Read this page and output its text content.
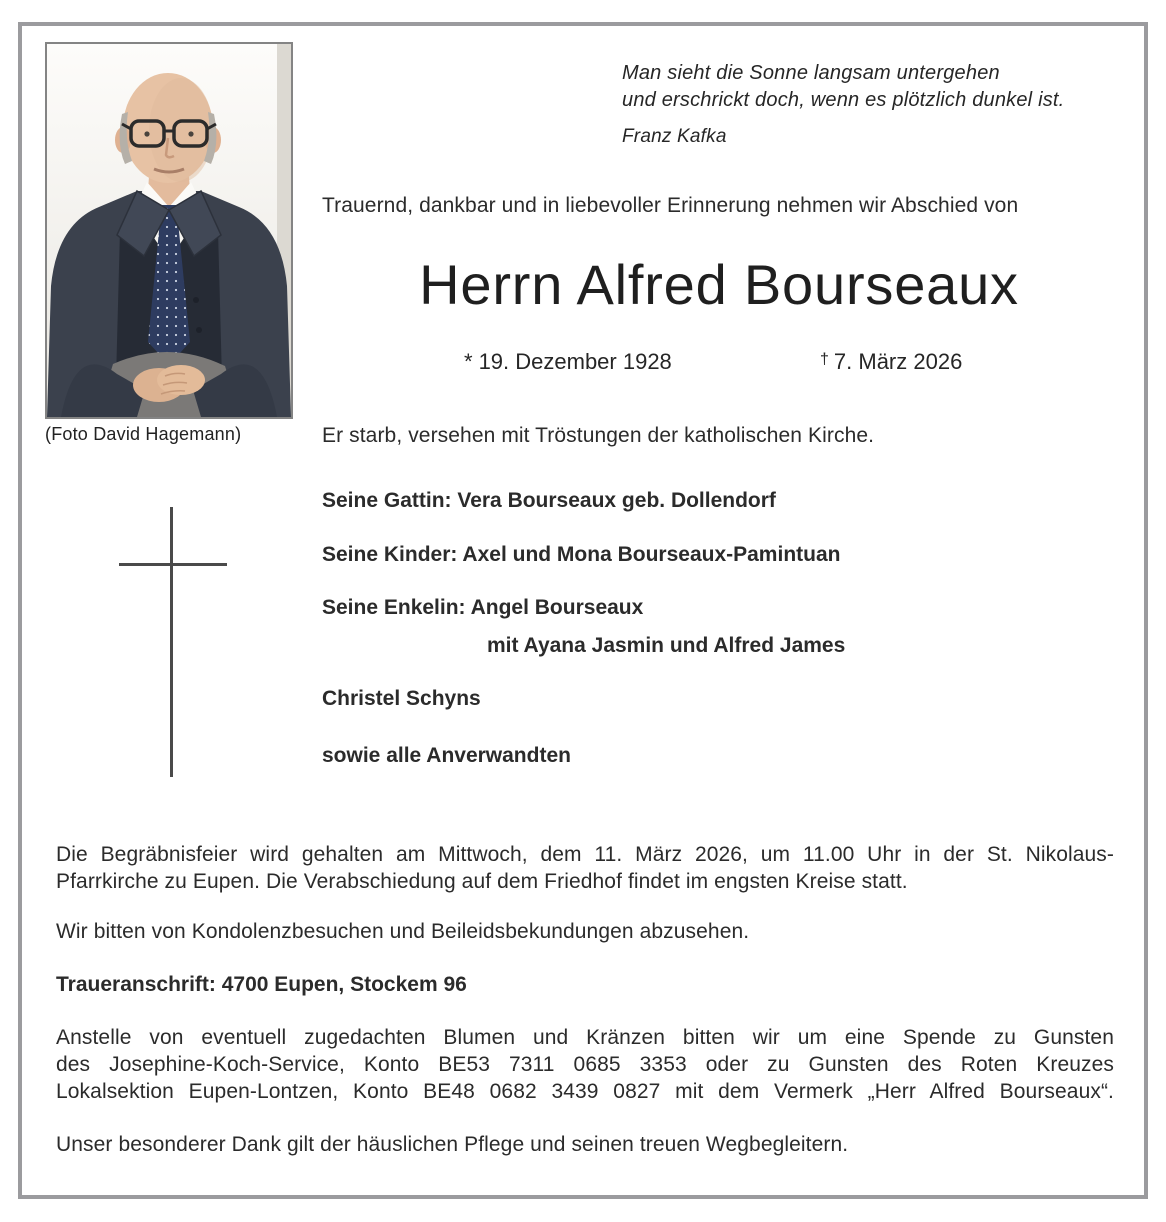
(Foto David Hagemann)
Man sieht die Sonne langsam untergehen
und erschrickt doch, wenn es plötzlich dunkel ist.
Franz Kafka
Trauernd, dankbar und in liebevoller Erinnerung nehmen wir Abschied von
Herrn Alfred Bourseaux
* 19. Dezember 1928	† 7. März 2026
Er starb, versehen mit Tröstungen der katholischen Kirche.
Seine Gattin: Vera Bourseaux geb. Dollendorf
Seine Kinder: Axel und Mona Bourseaux-Pamintuan
Seine Enkelin: Angel Bourseaux
mit Ayana Jasmin und Alfred James
Christel Schyns
sowie alle Anverwandten
Die Begräbnisfeier wird gehalten am Mittwoch, dem 11. März 2026, um 11.00 Uhr in der St. Nikolaus-
Pfarrkirche zu Eupen. Die Verabschiedung auf dem Friedhof findet im engsten Kreise statt.
Wir bitten von Kondolenzbesuchen und Beileidsbekundungen abzusehen.
Traueranschrift: 4700 Eupen, Stockem 96
Anstelle von eventuell zugedachten Blumen und Kränzen bitten wir um eine Spende zu Gunsten
des Josephine-Koch-Service, Konto BE53 7311 0685 3353 oder zu Gunsten des Roten Kreuzes
Lokalsektion Eupen-Lontzen, Konto BE48 0682 3439 0827 mit dem Vermerk „Herr Alfred Bourseaux“.
Unser besonderer Dank gilt der häuslichen Pflege und seinen treuen Wegbegleitern.
